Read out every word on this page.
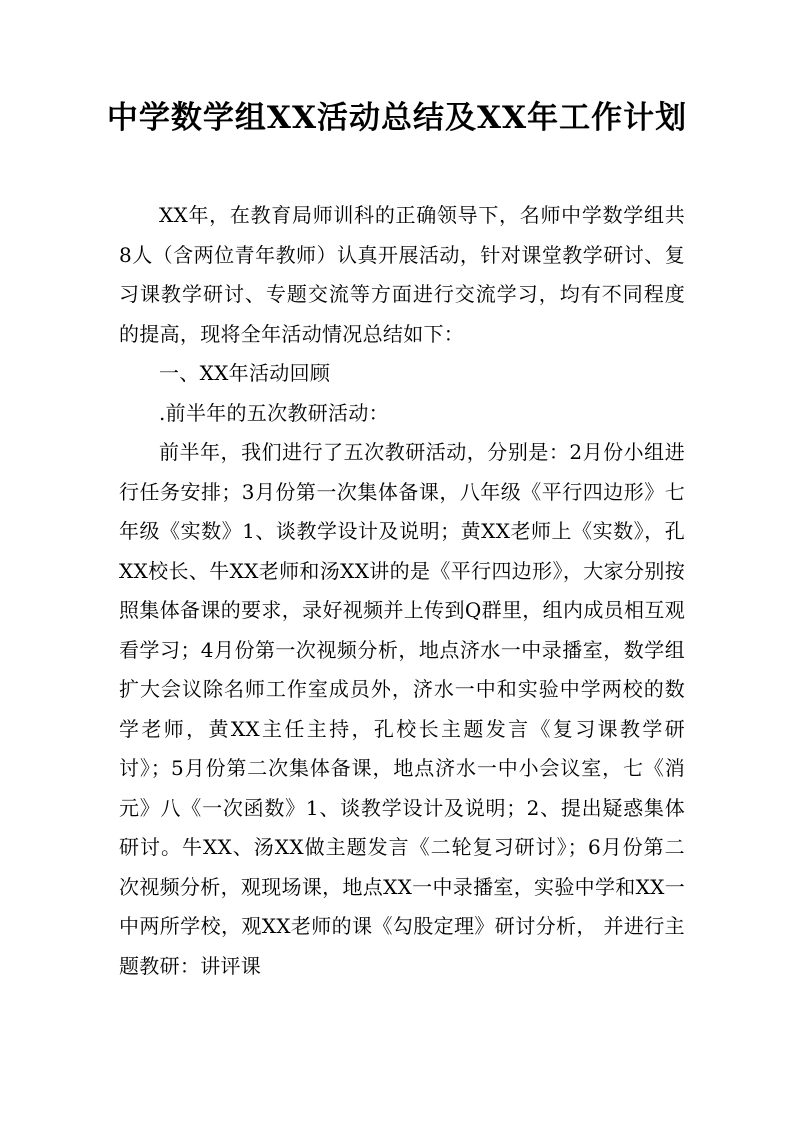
中学数学组XX活动总结及XX年工作计划

XX年，在教育局师训科的正确领导下，名师中学数学组共8人（含两位青年教师）认真开展活动，针对课堂教学研讨、复习课教学研讨、专题交流等方面进行交流学习，均有不同程度的提高，现将全年活动情况总结如下：

一、XX年活动回顾

.前半年的五次教研活动：

前半年，我们进行了五次教研活动，分别是：2月份小组进行任务安排；3月份第一次集体备课，八年级《平行四边形》七年级《实数》1、谈教学设计及说明；黄XX老师上《实数》，孔XX校长、牛XX老师和汤XX讲的是《平行四边形》，大家分别按照集体备课的要求，录好视频并上传到Q群里，组内成员相互观看学习；4月份第一次视频分析，地点济水一中录播室，数学组扩大会议除名师工作室成员外，济水一中和实验中学两校的数学老师，黄XX主任主持，孔校长主题发言《复习课教学研讨》；5月份第二次集体备课，地点济水一中小会议室，七《消元》八《一次函数》1、谈教学设计及说明；2、提出疑惑集体研讨。牛XX、汤XX做主题发言《二轮复习研讨》；6月份第二次视频分析，观现场课，地点XX一中录播室，实验中学和XX一中两所学校，观XX老师的课《勾股定理》研讨分析， 并进行主题教研：讲评课
